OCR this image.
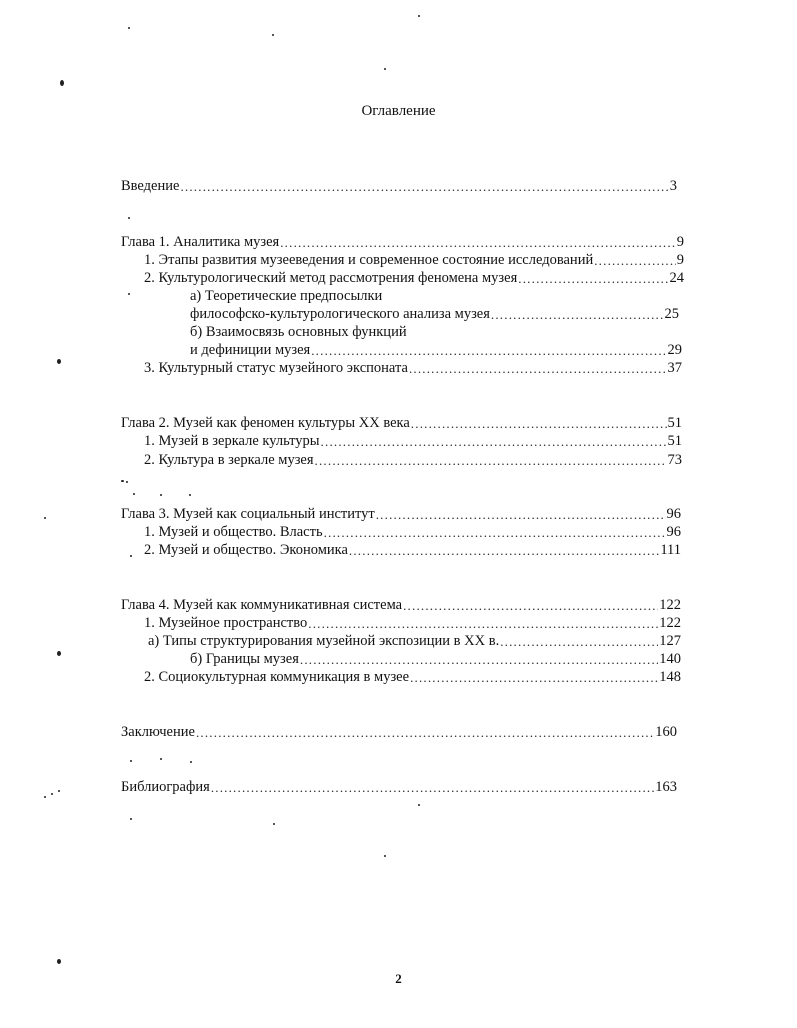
Оглавление
Введение .....	3
Глава 1. Аналитика музея .....	9
1. Этапы развития музееведения и современное состояние исследований .....	9
2. Культурологический метод рассмотрения феномена музея .....	24
а) Теоретические предпосылки
философско-культурологического анализа музея .....	25
б) Взаимосвязь основных функций
и дефиниции музея .....	29
3. Культурный статус музейного экспоната .....	37
Глава 2. Музей как феномен культуры XX века .....	51
1. Музей в зеркале культуры .....	51
2. Культура в зеркале музея .....	73
Глава 3. Музей как социальный институт .....	96
1. Музей и общество. Власть .....	96
2. Музей и общество. Экономика .....	111
Глава 4. Музей как коммуникативная система .....	122
1. Музейное пространство .....	122
а) Типы структурирования музейной экспозиции в XX в. .....	127
б) Границы музея .....	140
2. Социокультурная коммуникация в музее .....	148
Заключение .....	160
Библиография .....	163
2
